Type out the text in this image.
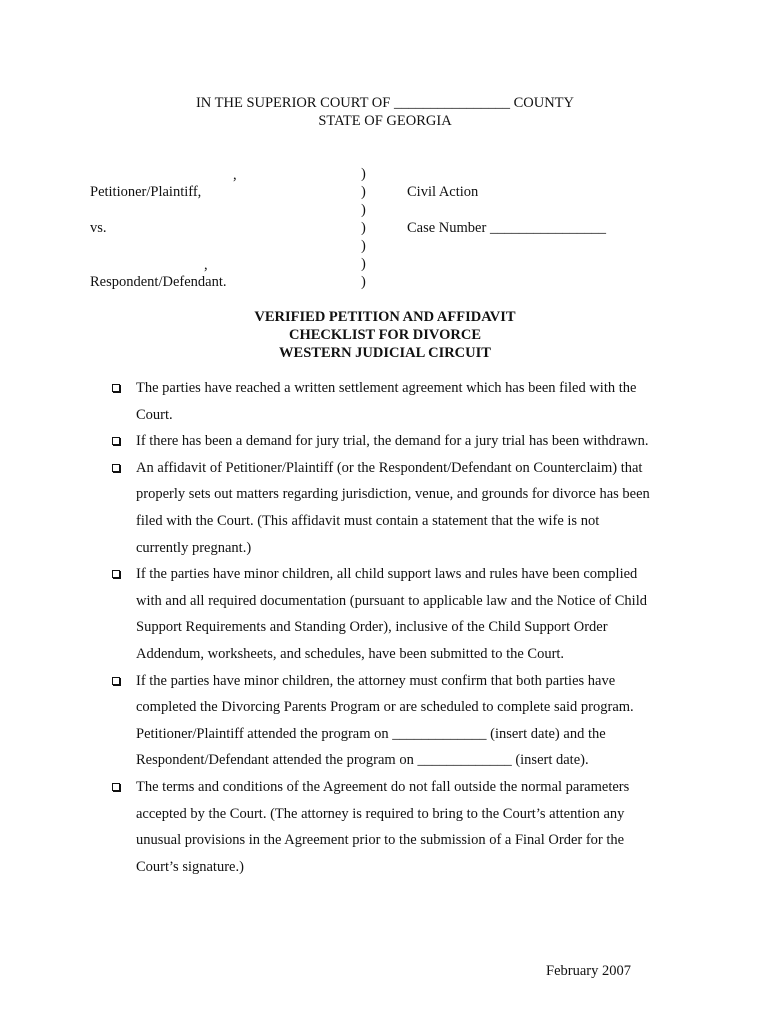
IN THE SUPERIOR COURT OF ________________ COUNTY
STATE OF GEORGIA
,
Petitioner/Plaintiff,
vs.
,
Respondent/Defendant.
)
)
)
)
)
)
)
Civil Action
Case Number ________________
VERIFIED PETITION AND AFFIDAVIT
CHECKLIST FOR DIVORCE
WESTERN JUDICIAL CIRCUIT
The parties have reached a written settlement agreement which has been filed with the
Court.
If there has been a demand for jury trial, the demand for a jury trial has been withdrawn.
An affidavit of Petitioner/Plaintiff (or the Respondent/Defendant on Counterclaim) that
properly sets out matters regarding jurisdiction, venue, and grounds for divorce has been
filed with the Court. (This affidavit must contain a statement that the wife is not
currently pregnant.)
If the parties have minor children, all child support laws and rules have been complied
with and all required documentation (pursuant to applicable law and the Notice of Child
Support Requirements and Standing Order), inclusive of the Child Support Order
Addendum, worksheets, and schedules, have been submitted to the Court.
If the parties have minor children, the attorney must confirm that both parties have
completed the Divorcing Parents Program or are scheduled to complete said program.
Petitioner/Plaintiff attended the program on _____________ (insert date) and the
Respondent/Defendant attended the program on _____________ (insert date).
The terms and conditions of the Agreement do not fall outside the normal parameters
accepted by the Court. (The attorney is required to bring to the Court’s attention any
unusual provisions in the Agreement prior to the submission of a Final Order for the
Court’s signature.)
February 2007
